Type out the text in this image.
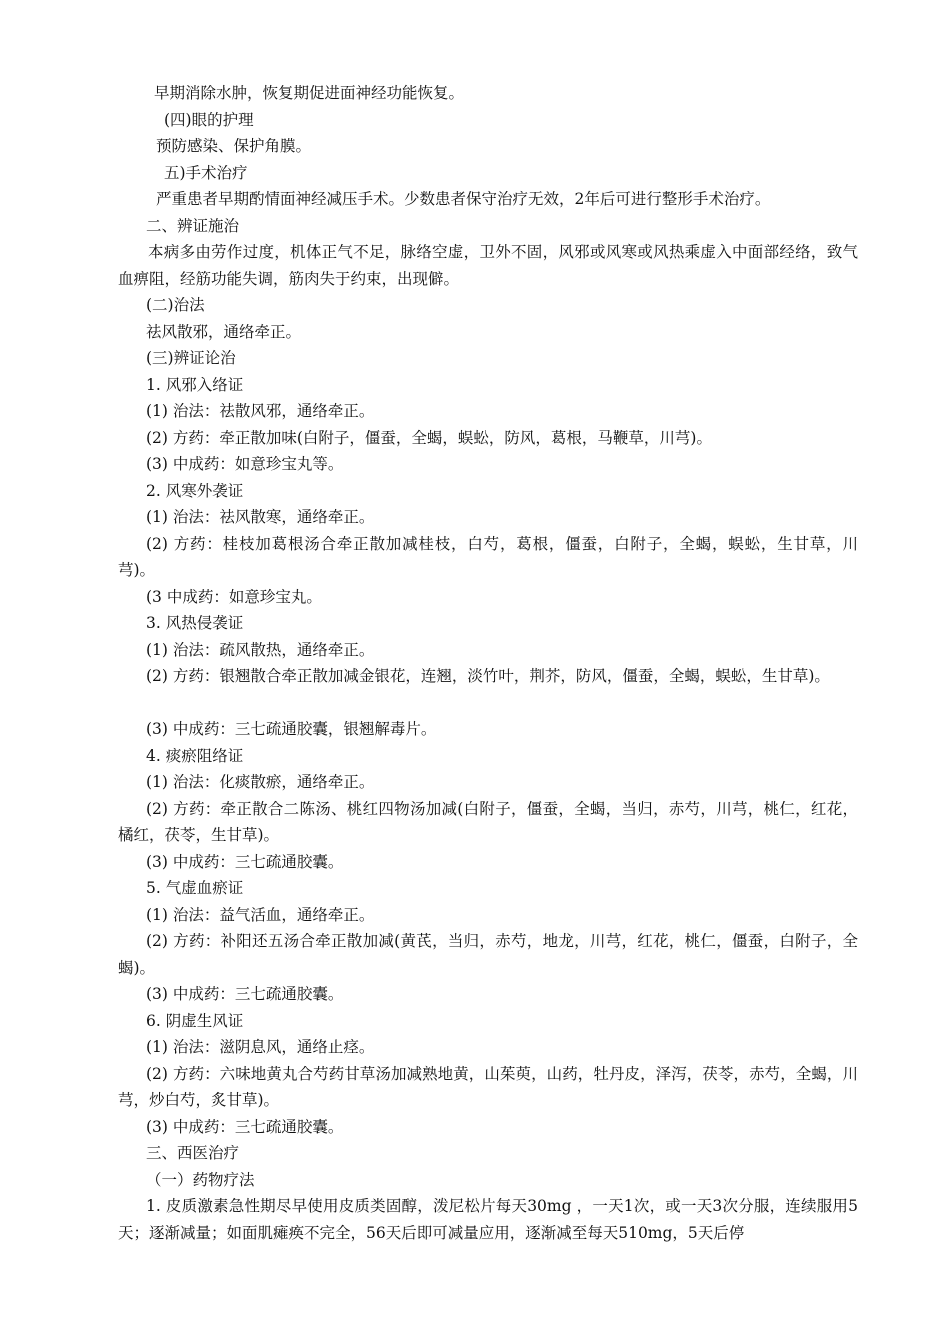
早期消除水肿，恢复期促进面神经功能恢复。
(四)眼的护理
预防感染、保护角膜。
五)手术治疗
严重患者早期酌情面神经减压手术。少数患者保守治疗无效，2年后可进行整形手术治疗。
二、辨证施治
本病多由劳作过度，机体正气不足，脉络空虚，卫外不固，风邪或风寒或风热乘虚入中面部经络，致气血痹阻，经筋功能失调，筋肉失于约束，出现僻。
(二)治法
祛风散邪，通络牵正。
(三)辨证论治
1. 风邪入络证
(1) 治法：祛散风邪，通络牵正。
(2) 方药：牵正散加味(白附子，僵蚕，全蝎，蜈蚣，防风，葛根，马鞭草，川芎)。
(3) 中成药：如意珍宝丸等。
2. 风寒外袭证
(1) 治法：祛风散寒，通络牵正。
(2) 方药：桂枝加葛根汤合牵正散加减桂枝，白芍，葛根，僵蚕，白附子，全蝎，蜈蚣，生甘草，川芎)。
(3 中成药：如意珍宝丸。
3. 风热侵袭证
(1) 治法：疏风散热，通络牵正。
(2) 方药：银翘散合牵正散加减金银花，连翘，淡竹叶，荆芥，防风，僵蚕，全蝎，蜈蚣，生甘草)。
(3) 中成药：三七疏通胶囊，银翘解毒片。
4. 痰瘀阻络证
(1) 治法：化痰散瘀，通络牵正。
(2) 方药：牵正散合二陈汤、桃红四物汤加减(白附子，僵蚕，全蝎，当归，赤芍，川芎，桃仁，红花，橘红，茯苓，生甘草)。
(3) 中成药：三七疏通胶囊。
5. 气虚血瘀证
(1) 治法：益气活血，通络牵正。
(2) 方药：补阳还五汤合牵正散加减(黄芪，当归，赤芍，地龙，川芎，红花，桃仁，僵蚕，白附子，全蝎)。
(3) 中成药：三七疏通胶囊。
6. 阴虚生风证
(1) 治法：滋阴息风，通络止痉。
(2) 方药：六味地黄丸合芍药甘草汤加减熟地黄，山茱萸，山药，牡丹皮，泽泻，茯苓，赤芍，全蝎，川芎，炒白芍，炙甘草)。
(3) 中成药：三七疏通胶囊。
三、西医治疗
（一）药物疗法
1. 皮质激素急性期尽早使用皮质类固醇，泼尼松片每天30mg ，一天1次，或一天3次分服，连续服用5天；逐渐减量；如面肌瘫痪不完全，56天后即可减量应用，逐渐减至每天510mg，5天后停
